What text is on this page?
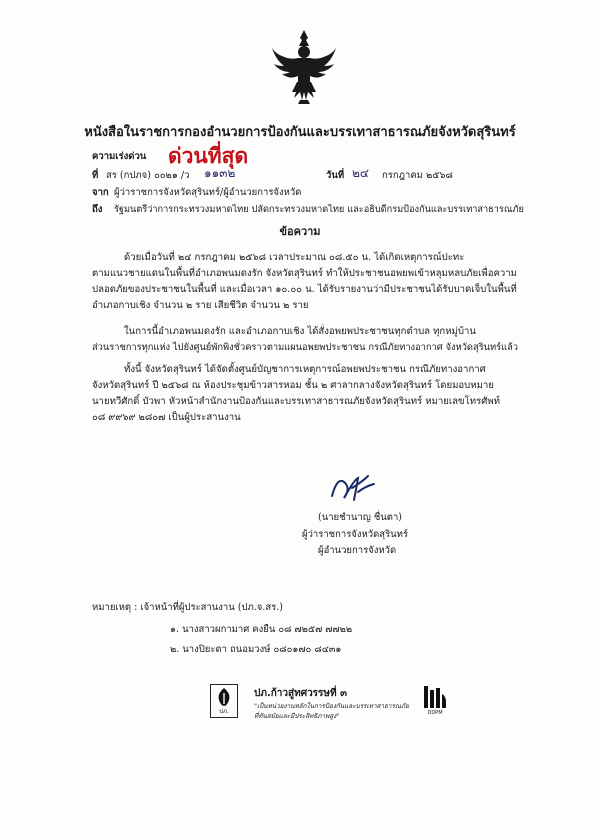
หนังสือในราชการกองอำนวยการป้องกันและบรรเทาสาธารณภัยจังหวัดสุรินทร์
ความเร่งด่วน ด่วนที่สุด
ที่ สร (กปภจ) ๐๐๒๑ /ว ๑๑๓๒	วันที่ ๒๔ กรกฎาคม ๒๕๖๘
จาก ผู้ว่าราชการจังหวัดสุรินทร์/ผู้อำนวยการจังหวัด
ถึง รัฐมนตรีว่าการกระทรวงมหาดไทย ปลัดกระทรวงมหาดไทย และอธิบดีกรมป้องกันและบรรเทาสาธารณภัย
ข้อความ
ด้วยเมื่อวันที่ ๒๔ กรกฎาคม ๒๕๖๘ เวลาประมาณ ๐๘.๕๐ น. ได้เกิดเหตุการณ์ปะทะ
ตามแนวชายแดนในพื้นที่อำเภอพนมดงรัก จังหวัดสุรินทร์ ทำให้ประชาชนอพยพเข้าหลุมหลบภัยเพื่อความ
ปลอดภัยของประชาชนในพื้นที่ และเมื่อเวลา ๑๐.๐๐ น. ได้รับรายงานว่ามีประชาชนได้รับบาดเจ็บในพื้นที่
อำเภอกาบเชิง จำนวน ๒ ราย เสียชีวิต จำนวน ๒ ราย
ในการนี้อำเภอพนมดงรัก และอำเภอกาบเชิง ได้สั่งอพยพประชาชนทุกตำบล ทุกหมู่บ้าน
ส่วนราชการทุกแห่ง ไปยังศูนย์พักพิงชั่วคราวตามแผนอพยพประชาชน กรณีภัยทางอากาศ จังหวัดสุรินทร์แล้ว
ทั้งนี้ จังหวัดสุรินทร์ ได้จัดตั้งศูนย์บัญชาการเหตุการณ์อพยพประชาชน กรณีภัยทางอากาศ
จังหวัดสุรินทร์ ปี ๒๕๖๘ ณ ห้องประชุมข้าวสารหอม ชั้น ๒ ศาลากลางจังหวัดสุรินทร์ โดยมอบหมาย
นายทวีศักดิ์ บัวพา หัวหน้าสำนักงานป้องกันและบรรเทาสาธารณภัยจังหวัดสุรินทร์ หมายเลขโทรศัพท์
๐๘ ๙๙๖๙ ๒๘๐๗ เป็นผู้ประสานงาน
(นายชำนาญ ชื่นตา)
ผู้ว่าราชการจังหวัดสุรินทร์
ผู้อำนวยการจังหวัด
หมายเหตุ : เจ้าหน้าที่ผู้ประสานงาน (ปภ.จ.สร.)
๑. นางสาวผกามาศ คงยืน ๐๘ ๗๒๕๗ ๗๗๒๒
๒. นางปิยะดา ถนอมวงษ์ ๐๘๐๑๗๐ ๘๔๓๑
ปภ.
ปภ.ก้าวสู่ทศวรรษที่ ๓
"เป็นหน่วยงานหลักในการป้องกันและบรรเทาสาธารณภัย
ที่ทันสมัยและมีประสิทธิภาพสูง"	DDPM
